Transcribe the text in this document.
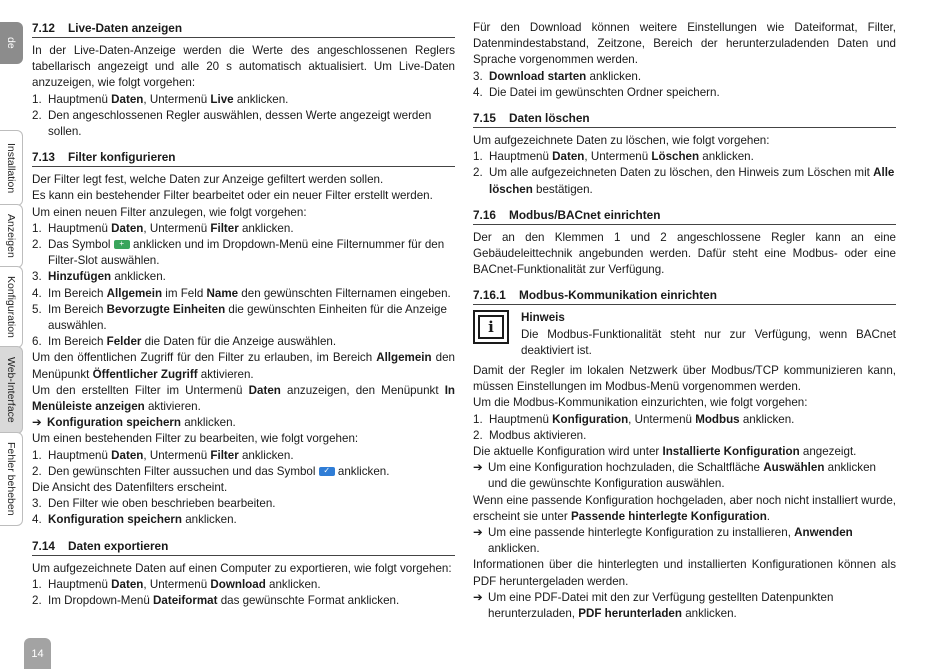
de
Installation
Anzeigen
Konfiguration
Web-Interface
Fehler beheben
14
7.12	Live-Daten anzeigen

In der Live-Daten-Anzeige werden die Werte des angeschlossenen Reglers tabellarisch angezeigt und alle 20 s automatisch aktualisiert. Um Live-Daten anzuzeigen, wie folgt vorgehen:

1. Hauptmenü Daten, Untermenü Live anklicken.
2. Den angeschlossenen Regler auswählen, dessen Werte angezeigt werden sollen.
7.13	Filter konfigurieren

Der Filter legt fest, welche Daten zur Anzeige gefiltert werden sollen.

Es kann ein bestehender Filter bearbeitet oder ein neuer Filter erstellt werden.

Um einen neuen Filter anzulegen, wie folgt vorgehen:

1. Hauptmenü Daten, Untermenü Filter anklicken.
2. Das Symbol + anklicken und im Dropdown-Menü eine Filternummer für den Filter-Slot auswählen.
3. Hinzufügen anklicken.
4. Im Bereich Allgemein im Feld Name den gewünschten Filternamen eingeben.
5. Im Bereich Bevorzugte Einheiten die gewünschten Einheiten für die Anzeige auswählen.
6. Im Bereich Felder die Daten für die Anzeige auswählen.

Um den öffentlichen Zugriff für den Filter zu erlauben, im Bereich Allgemein den Menüpunkt Öffentlicher Zugriff aktivieren.

Um den erstellten Filter im Untermenü Daten anzuzeigen, den Menüpunkt In Menüleiste anzeigen aktivieren.

➔ Konfiguration speichern anklicken.

Um einen bestehenden Filter zu bearbeiten, wie folgt vorgehen:

1. Hauptmenü Daten, Untermenü Filter anklicken.
2. Den gewünschten Filter aussuchen und das Symbol ✓ anklicken.

Die Ansicht des Datenfilters erscheint.

3. Den Filter wie oben beschrieben bearbeiten.
4. Konfiguration speichern anklicken.
7.14	Daten exportieren

Um aufgezeichnete Daten auf einen Computer zu exportieren, wie folgt vorgehen:

1. Hauptmenü Daten, Untermenü Download anklicken.
2. Im Dropdown-Menü Dateiformat das gewünschte Format anklicken.

Für den Download können weitere Einstellungen wie Dateiformat, Filter, Datenmindestabstand, Zeitzone, Bereich der herunterzuladenden Daten und Sprache vorgenommen werden.

3. Download starten anklicken.
4. Die Datei im gewünschten Ordner speichern.
7.15	Daten löschen

Um aufgezeichnete Daten zu löschen, wie folgt vorgehen:

1. Hauptmenü Daten, Untermenü Löschen anklicken.
2. Um alle aufgezeichneten Daten zu löschen, den Hinweis zum Löschen mit Alle löschen bestätigen.
7.16	Modbus/BACnet einrichten

Der an den Klemmen 1 und 2 angeschlossene Regler kann an eine Gebäudeleittechnik angebunden werden. Dafür steht eine Modbus- oder eine BACnet-Funktionalität zur Verfügung.

7.16.1	Modbus-Kommunikation einrichten
i
Hinweis

Die Modbus-Funktionalität steht nur zur Verfügung, wenn BACnet deaktiviert ist.

Damit der Regler im lokalen Netzwerk über Modbus/TCP kommunizieren kann, müssen Einstellungen im Modbus-Menü vorgenommen werden.

Um die Modbus-Kommunikation einzurichten, wie folgt vorgehen:

1. Hauptmenü Konfiguration, Untermenü Modbus anklicken.
2. Modbus aktivieren.

Die aktuelle Konfiguration wird unter Installierte Konfiguration angezeigt.

➔ Um eine Konfiguration hochzuladen, die Schaltfläche Auswählen anklicken und die gewünschte Konfiguration auswählen.

Wenn eine passende Konfiguration hochgeladen, aber noch nicht installiert wurde, erscheint sie unter Passende hinterlegte Konfiguration.

➔ Um eine passende hinterlegte Konfiguration zu installieren, Anwenden anklicken.

Informationen über die hinterlegten und installierten Konfigurationen können als PDF heruntergeladen werden.

➔ Um eine PDF-Datei mit den zur Verfügung gestellten Datenpunkten herunterzuladen, PDF herunterladen anklicken.
